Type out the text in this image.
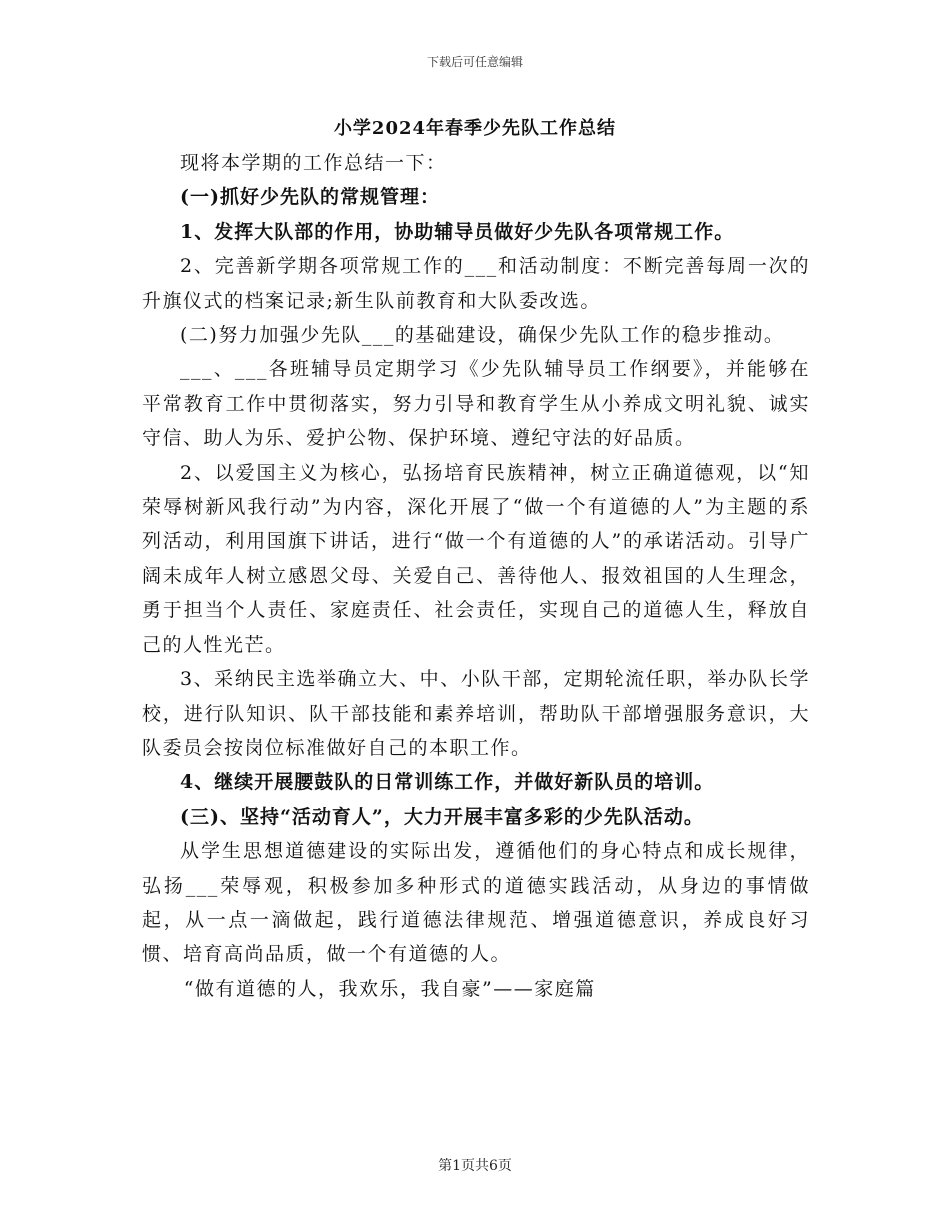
下载后可任意编辑
小学2024年春季少先队工作总结

现将本学期的工作总结一下：

(一)抓好少先队的常规管理：

1、发挥大队部的作用，协助辅导员做好少先队各项常规工作。

2、完善新学期各项常规工作的___和活动制度：不断完善每周一次的升旗仪式的档案记录;新生队前教育和大队委改选。

(二)努力加强少先队___的基础建设，确保少先队工作的稳步推动。

___、___各班辅导员定期学习《少先队辅导员工作纲要》，并能够在平常教育工作中贯彻落实，努力引导和教育学生从小养成文明礼貌、诚实守信、助人为乐、爱护公物、保护环境、遵纪守法的好品质。

2、以爱国主义为核心，弘扬培育民族精神，树立正确道德观，以“知荣辱树新风我行动”为内容，深化开展了“做一个有道德的人”为主题的系列活动，利用国旗下讲话，进行“做一个有道德的人”的承诺活动。引导广阔未成年人树立感恩父母、关爱自己、善待他人、报效祖国的人生理念，勇于担当个人责任、家庭责任、社会责任，实现自己的道德人生，释放自己的人性光芒。

3、采纳民主选举确立大、中、小队干部，定期轮流任职，举办队长学校，进行队知识、队干部技能和素养培训，帮助队干部增强服务意识，大队委员会按岗位标准做好自己的本职工作。

4、继续开展腰鼓队的日常训练工作，并做好新队员的培训。

(三)、坚持“活动育人”，大力开展丰富多彩的少先队活动。

从学生思想道德建设的实际出发，遵循他们的身心特点和成长规律，弘扬___荣辱观，积极参加多种形式的道德实践活动，从身边的事情做起，从一点一滴做起，践行道德法律规范、增强道德意识，养成良好习惯、培育高尚品质，做一个有道德的人。

“做有道德的人，我欢乐，我自豪”——家庭篇

第1页共6页
